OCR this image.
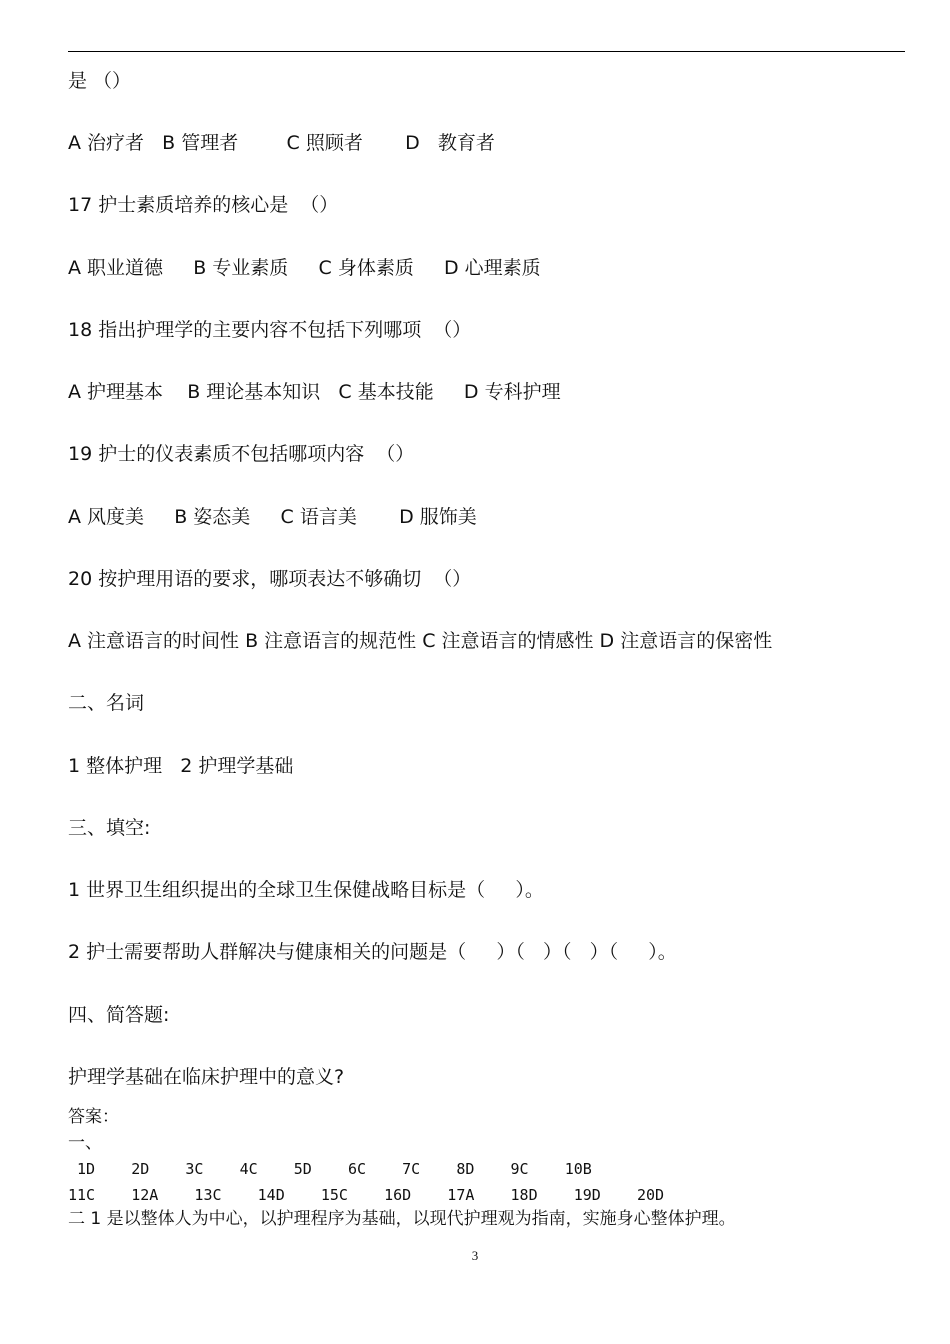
是 （）
A 治疗者   B 管理者        C 照顾者       D   教育者
17 护士素质培养的核心是  （）
A 职业道德     B 专业素质     C 身体素质     D 心理素质
18 指出护理学的主要内容不包括下列哪项  （）
A 护理基本    B 理论基本知识   C 基本技能     D 专科护理
19 护士的仪表素质不包括哪项内容  （）
A 风度美     B 姿态美     C 语言美       D 服饰美
20 按护理用语的要求，哪项表达不够确切  （）
A 注意语言的时间性 B 注意语言的规范性 C 注意语言的情感性 D 注意语言的保密性
二、名词
1 整体护理   2 护理学基础
三、填空:
1 世界卫生组织提出的全球卫生保健战略目标是（     ）。
2 护士需要帮助人群解决与健康相关的问题是（     ）（   ）（   ）（     ）。
四、简答题:
护理学基础在临床护理中的意义?
答案：
一、
1D    2D    3C    4C    5D    6C    7C    8D    9C    10B
11C    12A    13C    14D    15C    16D    17A    18D    19D    20D
二 1 是以整体人为中心，以护理程序为基础，以现代护理观为指南，实施身心整体护理。
3
